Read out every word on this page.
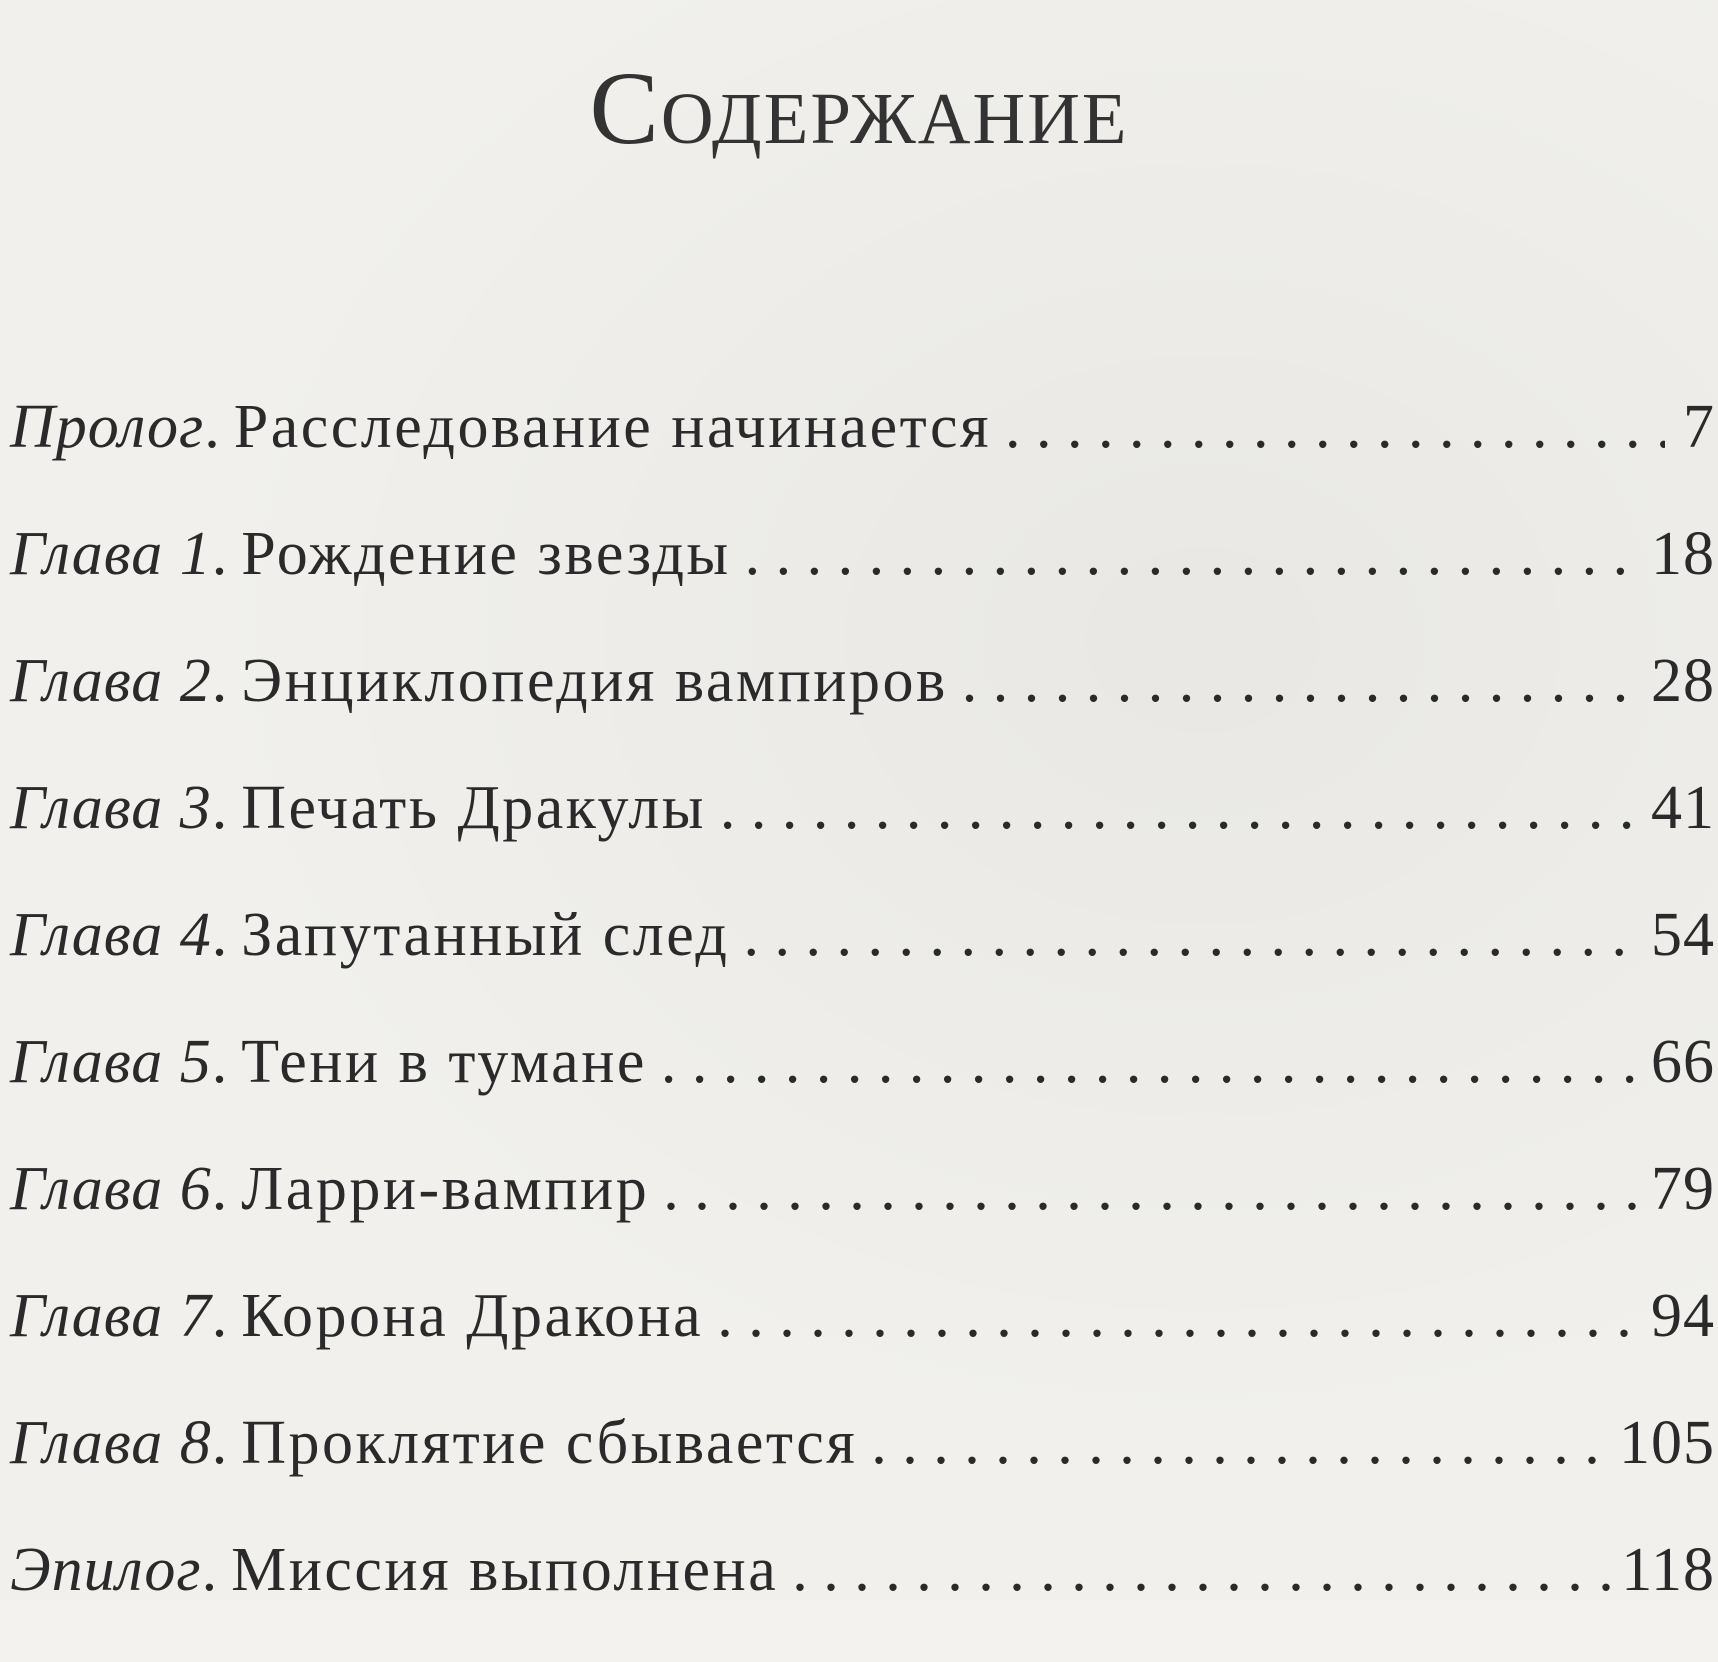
Содержание
Пролог . Расследование начинается . . .	7
Глава 1 . Рождение звезды . . .	18
Глава 2 . Энциклопедия вампиров . . .	28
Глава 3 . Печать Дракулы . . .	41
Глава 4 . Запутанный след . . .	54
Глава 5 . Тени в тумане . . .	66
Глава 6 . Ларри-вампир . . .	79
Глава 7 . Корона Дракона . . .	94
Глава 8 . Проклятие сбывается . . .	105
Эпилог . Миссия выполнена . . .	118
